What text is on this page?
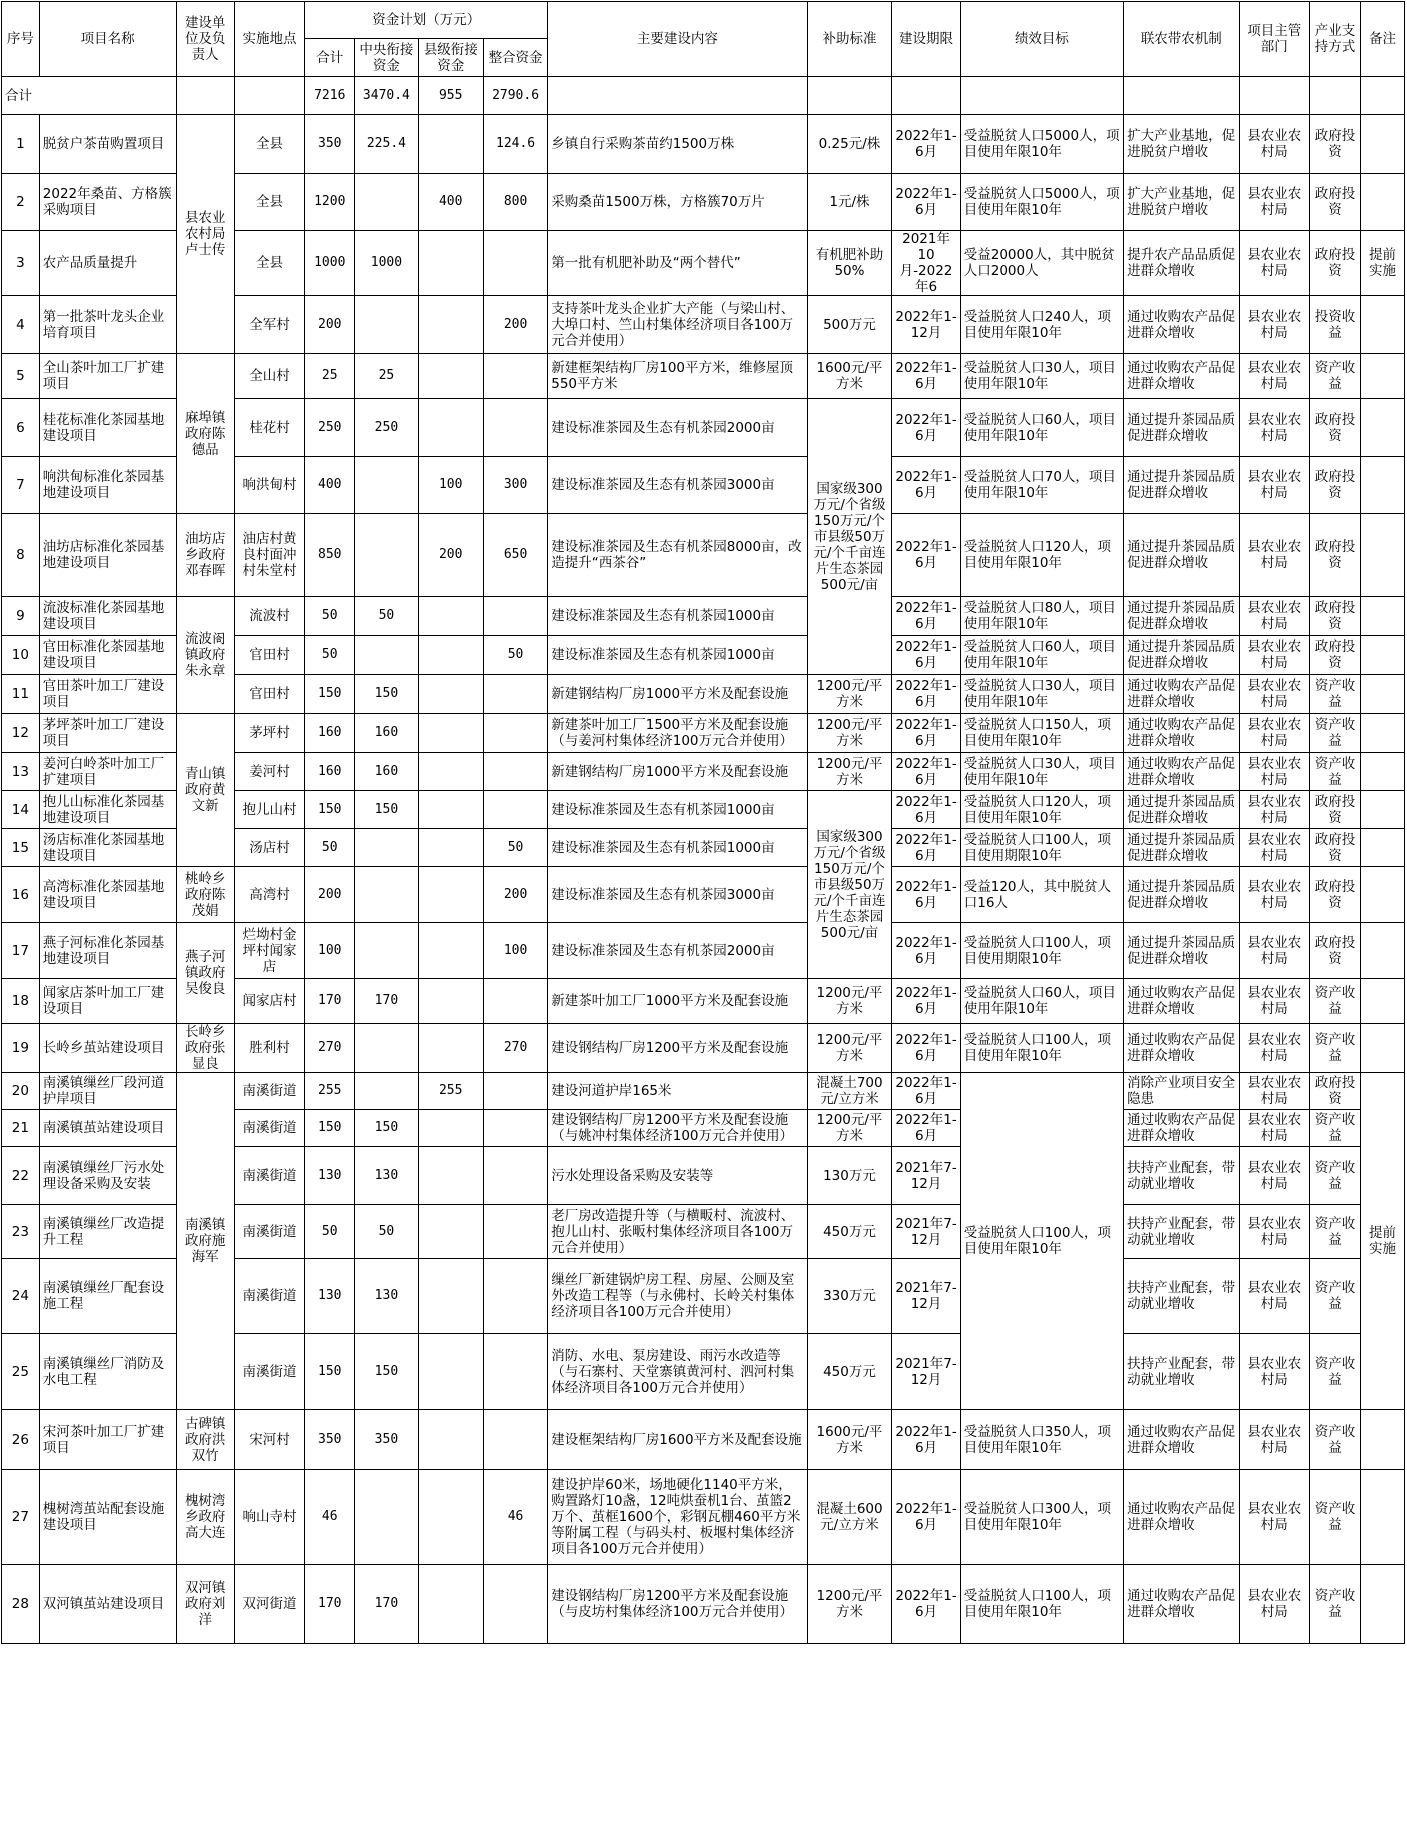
序号	项目名称	建设单位及负责人	实施地点	资金计划（万元）				主要建设内容	补助标准	建设期限	绩效目标	联农带农机制	项目主管部门	产业支持方式	备注
				合计	中央衔接资金	县级衔接资金	整合资金								
合计				7216	3470.4	955	2790.6								
1	脱贫户茶苗购置项目	县农业农村局卢士传	全县	350	225.4		124.6	乡镇自行采购茶苗约1500万株	0.25元/株	2022年1-6月	受益脱贫人口5000人，项目使用年限10年	扩大产业基地，促进脱贫户增收	县农业农村局	政府投资	
2	2022年桑苗、方格簇采购项目		全县	1200		400	800	采购桑苗1500万株，方格簇70万片	1元/株	2022年1-6月	受益脱贫人口5000人，项目使用年限10年	扩大产业基地，促进脱贫户增收	县农业农村局	政府投资	
3	农产品质量提升		全县	1000	1000			第一批有机肥补助及“两个替代”	有机肥补助50%	2021年10月-2022年6	受益20000人，其中脱贫人口2000人	提升农产品品质促进群众增收	县农业农村局	政府投资	提前实施
4	第一批茶叶龙头企业培育项目		全军村	200			200	支持茶叶龙头企业扩大产能（与梁山村、大埠口村、竺山村集体经济项目各100万元合并使用）	500万元	2022年1-12月	受益脱贫人口240人，项目使用年限10年	通过收购农产品促进群众增收	县农业农村局	投资收益	
5	全山茶叶加工厂扩建项目	麻埠镇政府陈德品	全山村	25	25			新建框架结构厂房100平方米，维修屋顶550平方米	1600元/平方米	2022年1-6月	受益脱贫人口30人，项目使用年限10年	通过收购农产品促进群众增收	县农业农村局	资产收益	
6	桂花标准化茶园基地建设项目		桂花村	250	250			建设标准茶园及生态有机茶园2000亩	国家级300万元/个省级150万元/个市县级50万元/个千亩连片生态茶园500元/亩	2022年1-6月	受益脱贫人口60人，项目使用年限10年	通过提升茶园品质促进群众增收	县农业农村局	政府投资	
7	响洪甸标准化茶园基地建设项目		响洪甸村	400		100	300	建设标准茶园及生态有机茶园3000亩		2022年1-6月	受益脱贫人口70人，项目使用年限10年	通过提升茶园品质促进群众增收	县农业农村局	政府投资	
8	油坊店标准化茶园基地建设项目	油坊店乡政府邓春晖	油店村黄良村面冲村朱堂村	850		200	650	建设标准茶园及生态有机茶园8000亩，改造提升“西茶谷”		2022年1-6月	受益脱贫人口120人，项目使用年限10年	通过提升茶园品质促进群众增收	县农业农村局	政府投资	
9	流波标准化茶园基地建设项目	流波𬮤镇政府朱永章	流波村	50	50			建设标准茶园及生态有机茶园1000亩		2022年1-6月	受益脱贫人口80人，项目使用年限10年	通过提升茶园品质促进群众增收	县农业农村局	政府投资	
10	官田标准化茶园基地建设项目		官田村	50			50	建设标准茶园及生态有机茶园1000亩		2022年1-6月	受益脱贫人口60人，项目使用年限10年	通过提升茶园品质促进群众增收	县农业农村局	政府投资	
11	官田茶叶加工厂建设项目		官田村	150	150			新建钢结构厂房1000平方米及配套设施	1200元/平方米	2022年1-6月	受益脱贫人口30人，项目使用年限10年	通过收购农产品促进群众增收	县农业农村局	资产收益	
12	茅坪茶叶加工厂建设项目	青山镇政府黄文新	茅坪村	160	160			新建茶叶加工厂1500平方米及配套设施（与姜河村集体经济100万元合并使用）	1200元/平方米	2022年1-6月	受益脱贫人口150人，项目使用年限10年	通过收购农产品促进群众增收	县农业农村局	资产收益	
13	姜河白岭茶叶加工厂扩建项目		姜河村	160	160			新建钢结构厂房1000平方米及配套设施	1200元/平方米	2022年1-6月	受益脱贫人口30人，项目使用年限10年	通过收购农产品促进群众增收	县农业农村局	资产收益	
14	抱儿山标准化茶园基地建设项目		抱儿山村	150	150			建设标准茶园及生态有机茶园1000亩	国家级300万元/个省级150万元/个市县级50万元/个千亩连片生态茶园500元/亩	2022年1-6月	受益脱贫人口120人，项目使用年限10年	通过提升茶园品质促进群众增收	县农业农村局	政府投资	
15	汤店标准化茶园基地建设项目		汤店村	50			50	建设标准茶园及生态有机茶园1000亩		2022年1-6月	受益脱贫人口100人，项目使用期限10年	通过提升茶园品质促进群众增收	县农业农村局	政府投资	
16	高湾标准化茶园基地建设项目	桃岭乡政府陈茂娟	高湾村	200			200	建设标准茶园及生态有机茶园3000亩		2022年1-6月	受益120人，其中脱贫人口16人	通过提升茶园品质促进群众增收	县农业农村局	政府投资	
17	燕子河标准化茶园基地建设项目	燕子河镇政府吴俊良	烂坳村金坪村闻家店	100			100	建设标准茶园及生态有机茶园2000亩		2022年1-6月	受益脱贫人口100人，项目使用期限10年	通过提升茶园品质促进群众增收	县农业农村局	政府投资	
18	闻家店茶叶加工厂建设项目		闻家店村	170	170			新建茶叶加工厂1000平方米及配套设施	1200元/平方米	2022年1-6月	受益脱贫人口60人，项目使用年限10年	通过收购农产品促进群众增收	县农业农村局	资产收益	
19	长岭乡茧站建设项目	长岭乡政府张显良	胜利村	270			270	建设钢结构厂房1200平方米及配套设施	1200元/平方米	2022年1-6月	受益脱贫人口100人，项目使用年限10年	通过收购农产品促进群众增收	县农业农村局	资产收益	
20	南溪镇缫丝厂段河道护岸项目	南溪镇政府施海军	南溪街道	255		255		建设河道护岸165米	混凝土700元/立方米	2022年1-6月	受益脱贫人口100人，项目使用年限10年	消除产业项目安全隐患	县农业农村局	政府投资	提前实施
21	南溪镇茧站建设项目		南溪街道	150	150			建设钢结构厂房1200平方米及配套设施（与姚冲村集体经济100万元合并使用）	1200元/平方米	2022年1-6月		通过收购农产品促进群众增收	县农业农村局	资产收益	
22	南溪镇缫丝厂污水处理设备采购及安装		南溪街道	130	130			污水处理设备采购及安装等	130万元	2021年7-12月		扶持产业配套，带动就业增收	县农业农村局	资产收益	
23	南溪镇缫丝厂改造提升工程		南溪街道	50	50			老厂房改造提升等（与横畈村、流波村、抱儿山村、张畈村集体经济项目各100万元合并使用）	450万元	2021年7-12月		扶持产业配套，带动就业增收	县农业农村局	资产收益	
24	南溪镇缫丝厂配套设施工程		南溪街道	130	130			缫丝厂新建锅炉房工程、房屋、公厕及室外改造工程等（与永佛村、长岭关村集体经济项目各100万元合并使用）	330万元	2021年7-12月		扶持产业配套，带动就业增收	县农业农村局	资产收益	
25	南溪镇缫丝厂消防及水电工程		南溪街道	150	150			消防、水电、泵房建设、雨污水改造等（与石寨村、天堂寨镇黄河村、泗河村集体经济项目各100万元合并使用）	450万元	2021年7-12月		扶持产业配套，带动就业增收	县农业农村局	资产收益	
26	宋河茶叶加工厂扩建项目	古碑镇政府洪双竹	宋河村	350	350			建设框架结构厂房1600平方米及配套设施	1600元/平方米	2022年1-6月	受益脱贫人口350人，项目使用年限10年	通过收购农产品促进群众增收	县农业农村局	资产收益	
27	槐树湾茧站配套设施建设项目	槐树湾乡政府高大连	响山寺村	46			46	建设护岸60米，场地硬化1140平方米，购置路灯10盏，12吨烘蚕机1台、茧篮2万个、茧框1600个，彩钢瓦棚460平方米等附属工程（与码头村、板堰村集体经济项目各100万元合并使用）	混凝土600元/立方米	2022年1-6月	受益脱贫人口300人，项目使用年限10年	通过收购农产品促进群众增收	县农业农村局	资产收益	
28	双河镇茧站建设项目	双河镇政府刘洋	双河街道	170	170			建设钢结构厂房1200平方米及配套设施（与皮坊村集体经济100万元合并使用）	1200元/平方米	2022年1-6月	受益脱贫人口100人，项目使用年限10年	通过收购农产品促进群众增收	县农业农村局	资产收益	
